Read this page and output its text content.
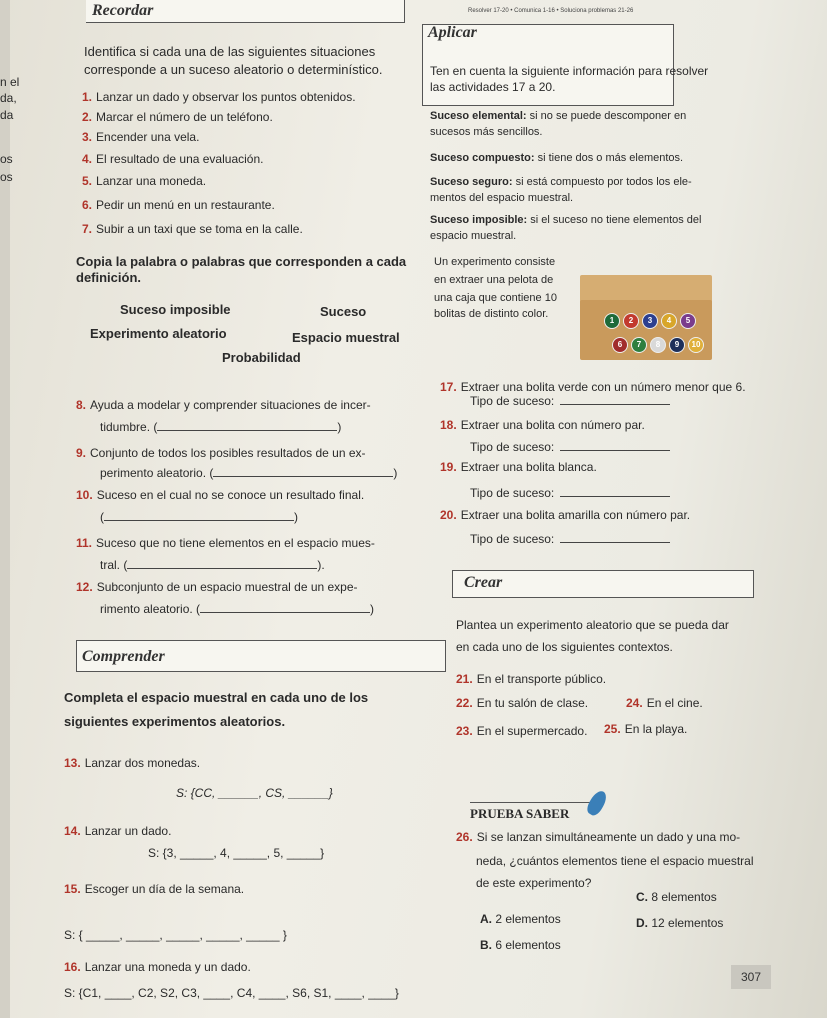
n el
da,
da
os
os
Recordar
Identifica si cada una de las siguientes situaciones
corresponde a un suceso aleatorio o determinístico.
1. Lanzar un dado y observar los puntos obtenidos.
2. Marcar el número de un teléfono.
3. Encender una vela.
4. El resultado de una evaluación.
5. Lanzar una moneda.
6. Pedir un menú en un restaurante.
7. Subir a un taxi que se toma en la calle.
Copia la palabra o palabras que corresponden a cada
definición.
Suceso imposible	Suceso
Experimento aleatorio	Espacio muestral
Probabilidad
8. Ayuda a modelar y comprender situaciones de incer-
tidumbre. (	)
9. Conjunto de todos los posibles resultados de un ex-
perimento aleatorio. (	)
10. Suceso en el cual no se conoce un resultado final.
(	)
11. Suceso que no tiene elementos en el espacio mues-
tral. (	).
12. Subconjunto de un espacio muestral de un expe-
rimento aleatorio. (	)
Comprender
Completa el espacio muestral en cada uno de los
siguientes experimentos aleatorios.
13. Lanzar dos monedas.
S: {CC, ______, CS, ______}
14. Lanzar un dado.
S: {3, _____, 4, _____, 5, _____}
15. Escoger un día de la semana.
S: { _____, _____, _____, _____, _____ }
16. Lanzar una moneda y un dado.
S: {C1, ____, C2, S2, C3, ____, C4, ____, S6, S1, ____, ____}
Aplicar
Resolver 17-20 • Comunica 1-16 • Soluciona problemas 21-26
Ten en cuenta la siguiente información para resolver
las actividades 17 a 20.
Suceso elemental: si no se puede descomponer en
sucesos más sencillos.
Suceso compuesto: si tiene dos o más elementos.
Suceso seguro: si está compuesto por todos los ele-
mentos del espacio muestral.
Suceso imposible: si el suceso no tiene elementos del
espacio muestral.
Un experimento consiste
en extraer una pelota de
una caja que contiene 10
bolitas de distinto color.
1 2 3 4 5
6 7 8 9 10
17. Extraer una bolita verde con un número menor que 6.
Tipo de suceso:
18. Extraer una bolita con número par.
Tipo de suceso:
19. Extraer una bolita blanca.
Tipo de suceso:
20. Extraer una bolita amarilla con número par.
Tipo de suceso:
Crear
Plantea un experimento aleatorio que se pueda dar
en cada uno de los siguientes contextos.
21. En el transporte público.
22. En tu salón de clase.	24. En el cine.
23. En el supermercado. 25. En la playa.
PRUEBA SABER
26. Si se lanzan simultáneamente un dado y una mo-
neda, ¿cuántos elementos tiene el espacio muestral
de este experimento?
A. 2 elementos
B. 6 elementos
C. 8 elementos
D. 12 elementos
307
